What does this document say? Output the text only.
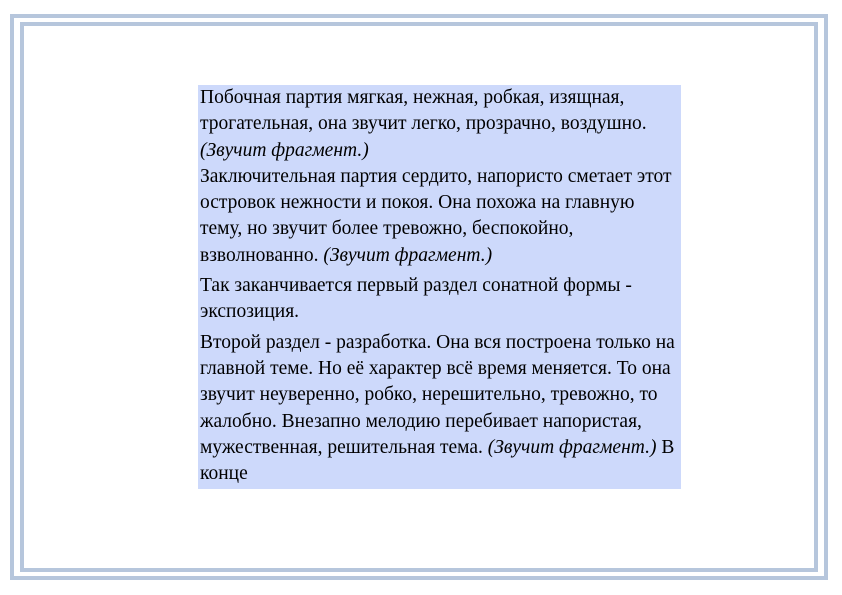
Побочная партия мягкая, нежная, робкая, изящная, трогательная, она звучит легко, прозрачно, воздушно. (Звучит фрагмент.)

Заключительная партия сердито, напористо сметает этот островок нежности и покоя. Она похожа на главную тему, но звучит более тревожно, беспокойно, взволнованно. (Звучит фрагмент.)

Так заканчивается первый раздел сонатной формы - экспозиция.

Второй раздел - разработка. Она вся построена только на главной теме. Но её характер всё время меняется. То она звучит неуверенно, робко, нерешительно, тревожно, то жалобно. Внезапно мелодию перебивает напористая, мужественная, решительная тема. (Звучит фрагмент.) В конце
